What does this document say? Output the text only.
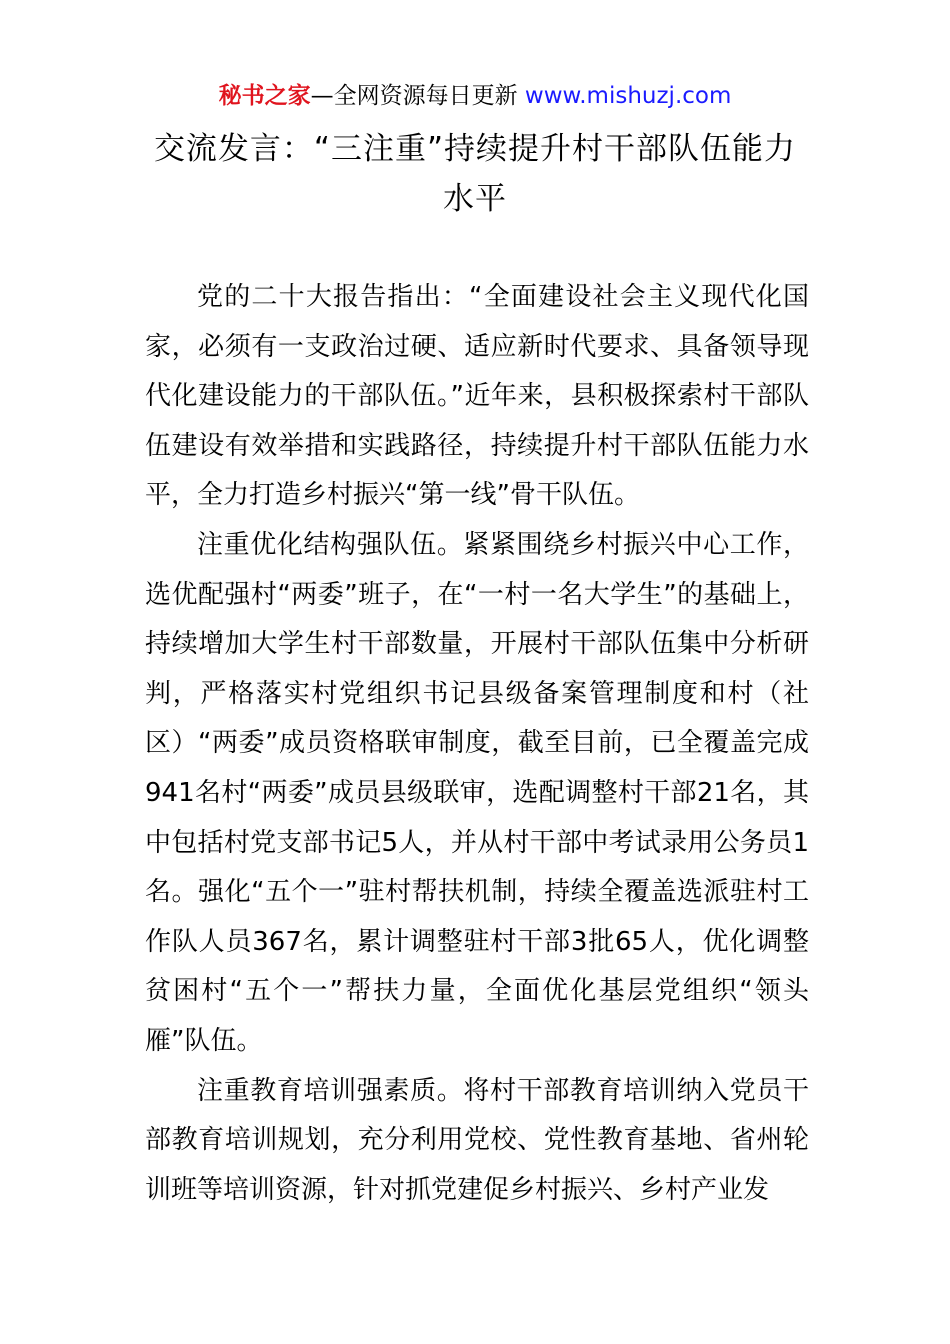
秘书之家—全网资源每日更新 www.mishuzj.com
交流发言：“三注重”持续提升村干部队伍能力水平

党的二十大报告指出：“全面建设社会主义现代化国家，必须有一支政治过硬、适应新时代要求、具备领导现代化建设能力的干部队伍。”近年来，县积极探索村干部队伍建设有效举措和实践路径，持续提升村干部队伍能力水平，全力打造乡村振兴“第一线”骨干队伍。

注重优化结构强队伍。紧紧围绕乡村振兴中心工作，选优配强村“两委”班子，在“一村一名大学生”的基础上，持续增加大学生村干部数量，开展村干部队伍集中分析研判，严格落实村党组织书记县级备案管理制度和村（社区）“两委”成员资格联审制度，截至目前，已全覆盖完成941名村“两委”成员县级联审，选配调整村干部21名，其中包括村党支部书记5人，并从村干部中考试录用公务员1名。强化“五个一”驻村帮扶机制，持续全覆盖选派驻村工作队人员367名，累计调整驻村干部3批65人，优化调整贫困村“五个一”帮扶力量，全面优化基层党组织“领头雁”队伍。

注重教育培训强素质。将村干部教育培训纳入党员干部教育培训规划，充分利用党校、党性教育基地、省州轮训班等培训资源，针对抓党建促乡村振兴、乡村产业发
